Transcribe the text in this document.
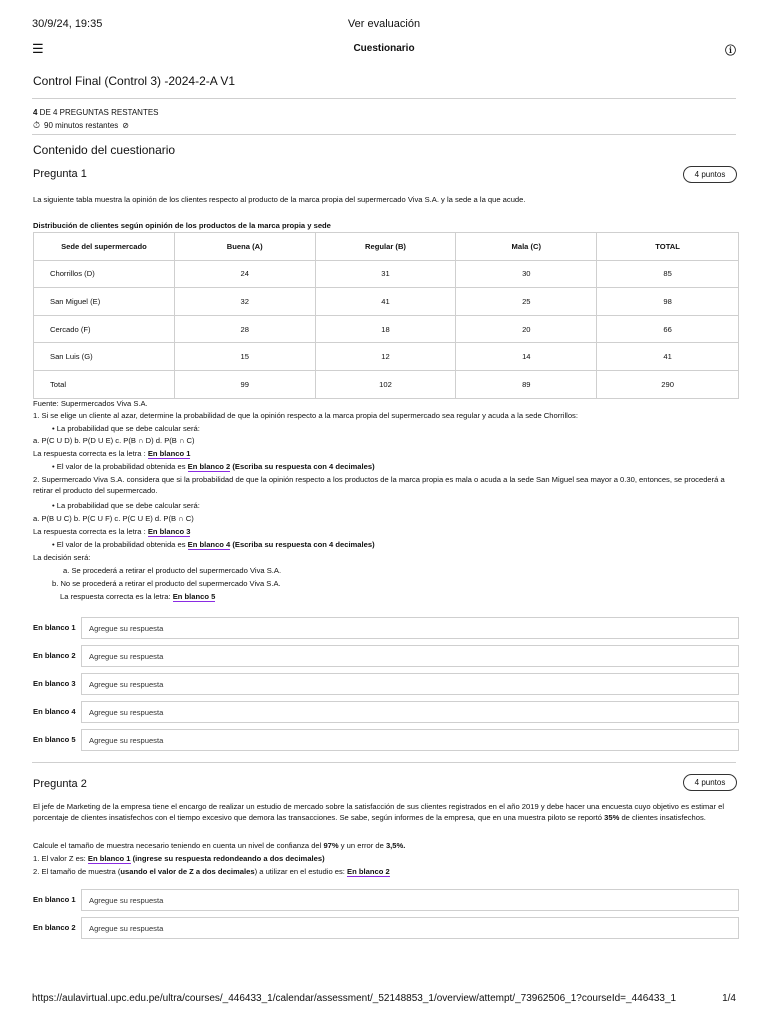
30/9/24, 19:35	Ver evaluación
☰	Cuestionario	ⓘ
Control Final (Control 3) -2024-2-A V1
4 DE 4 PREGUNTAS RESTANTES
⏱ 90 minutos restantes ⊘
Contenido del cuestionario
Pregunta 1	4 puntos
La siguiente tabla muestra la opinión de los clientes respecto al producto de la marca propia del supermercado Viva S.A. y la sede a la que acude.
Distribución de clientes según opinión de los productos de la marca propia y sede
Sede del supermercado	Buena (A)	Regular (B)	Mala (C)	TOTAL
Chorrillos (D)	24	31	30	85
San Miguel (E)	32	41	25	98
Cercado (F)	28	18	20	66
San Luis (G)	15	12	14	41
Total	99	102	89	290
Fuente: Supermercados Viva S.A.
1. Si se elige un cliente al azar, determine la probabilidad de que la opinión respecto a la marca propia del supermercado sea regular y acuda a la sede Chorrillos:
• La probabilidad que se debe calcular será:
a. P(C U D) b. P(D U E) c. P(B ∩ D) d. P(B ∩ C)
La respuesta correcta es la letra : En blanco 1
• El valor de la probabilidad obtenida es En blanco 2 (Escriba su respuesta con 4 decimales)
2. Supermercado Viva S.A. considera que si la probabilidad de que la opinión respecto a los productos de la marca propia es mala o acuda a la sede San Miguel sea mayor a 0.30, entonces, se procederá a retirar el producto del supermercado.
• La probabilidad que se debe calcular será:
a. P(B U C) b. P(C U F) c. P(C U E) d. P(B ∩ C)
La respuesta correcta es la letra : En blanco 3
• El valor de la probabilidad obtenida es En blanco 4 (Escriba su respuesta con 4 decimales)
La decisión será:
a. Se procederá a retirar el producto del supermercado Viva S.A.
b. No se procederá a retirar el producto del supermercado Viva S.A.
La respuesta correcta es la letra: En blanco 5
En blanco 1	Agregue su respuesta
En blanco 2	Agregue su respuesta
En blanco 3	Agregue su respuesta
En blanco 4	Agregue su respuesta
En blanco 5	Agregue su respuesta
Pregunta 2	4 puntos
El jefe de Marketing de la empresa tiene el encargo de realizar un estudio de mercado sobre la satisfacción de sus clientes registrados en el año 2019 y debe hacer una encuesta cuyo objetivo es estimar el porcentaje de clientes insatisfechos con el tiempo excesivo que demora las transacciones. Se sabe, según informes de la empresa, que en una muestra piloto se reportó 35% de clientes insatisfechos.
Calcule el tamaño de muestra necesario teniendo en cuenta un nivel de confianza del 97% y un error de 3,5%.
1. El valor Z es: En blanco 1 (ingrese su respuesta redondeando a dos decimales)
2. El tamaño de muestra (usando el valor de Z a dos decimales) a utilizar en el estudio es: En blanco 2
En blanco 1	Agregue su respuesta
En blanco 2	Agregue su respuesta
https://aulavirtual.upc.edu.pe/ultra/courses/_446433_1/calendar/assessment/_52148853_1/overview/attempt/_73962506_1?courseId=_446433_1	1/4
